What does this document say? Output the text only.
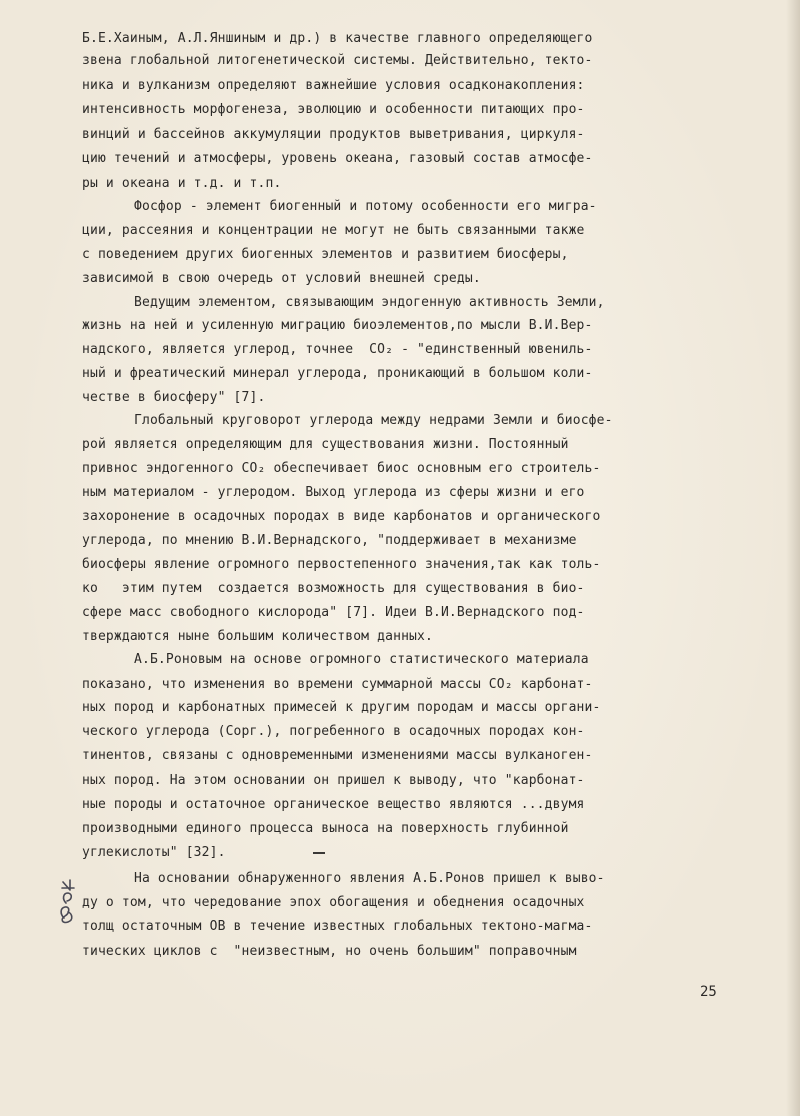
Б.Е.Хаиным, А.Л.Яншиным и др.) в качестве главного определяющего
звена глобальной литогенетической системы. Действительно, текто-
ника и вулканизм определяют важнейшие условия осадконакопления:
интенсивность морфогенеза, эволюцию и особенности питающих про-
винций и бассейнов аккумуляции продуктов выветривания, циркуля-
цию течений и атмосферы, уровень океана, газовый состав атмосфе-
ры и океана и т.д. и т.п.
Фосфор - элемент биогенный и потому особенности его мигра-
ции, рассеяния и концентрации не могут не быть связанными также
с поведением других биогенных элементов и развитием биосферы,
зависимой в свою очередь от условий внешней среды.
Ведущим элементом, связывающим эндогенную активность Земли,
жизнь на ней и усиленную миграцию биоэлементов,по мысли В.И.Вер-
надского, является углерод, точнее  CO₂ - "единственный ювениль-
ный и фреатический минерал углерода, проникающий в большом коли-
честве в биосферу" [7].
Глобальный круговорот углерода между недрами Земли и биосфе-
рой является определяющим для существования жизни. Постоянный
привнос эндогенного CO₂ обеспечивает биос основным его строитель-
ным материалом - углеродом. Выход углерода из сферы жизни и его
захоронение в осадочных породах в виде карбонатов и органического
углерода, по мнению В.И.Вернадского, "поддерживает в механизме
биосферы явление огромного первостепенного значения,так как толь-
ко   этим путем  создается возможность для существования в био-
сфере масс свободного кислорода" [7]. Идеи В.И.Вернадского под-
тверждаются ныне большим количеством данных.
А.Б.Роновым на основе огромного статистического материала
показано, что изменения во времени суммарной массы CO₂ карбонат-
ных пород и карбонатных примесей к другим породам и массы органи-
ческого углерода (Cорг.), погребенного в осадочных породах кон-
тинентов, связаны с одновременными изменениями массы вулканоген-
ных пород. На этом основании он пришел к выводу, что "карбонат-
ные породы и остаточное органическое вещество являются ...двумя
производными единого процесса выноса на поверхность глубинной
углекислоты" [32].
На основании обнаруженного явления А.Б.Ронов пришел к выво-
ду о том, что чередование эпох обогащения и обеднения осадочных
толщ остаточным ОВ в течение известных глобальных тектоно-магма-
тических циклов с  "неизвестным, но очень большим" поправочным
25
